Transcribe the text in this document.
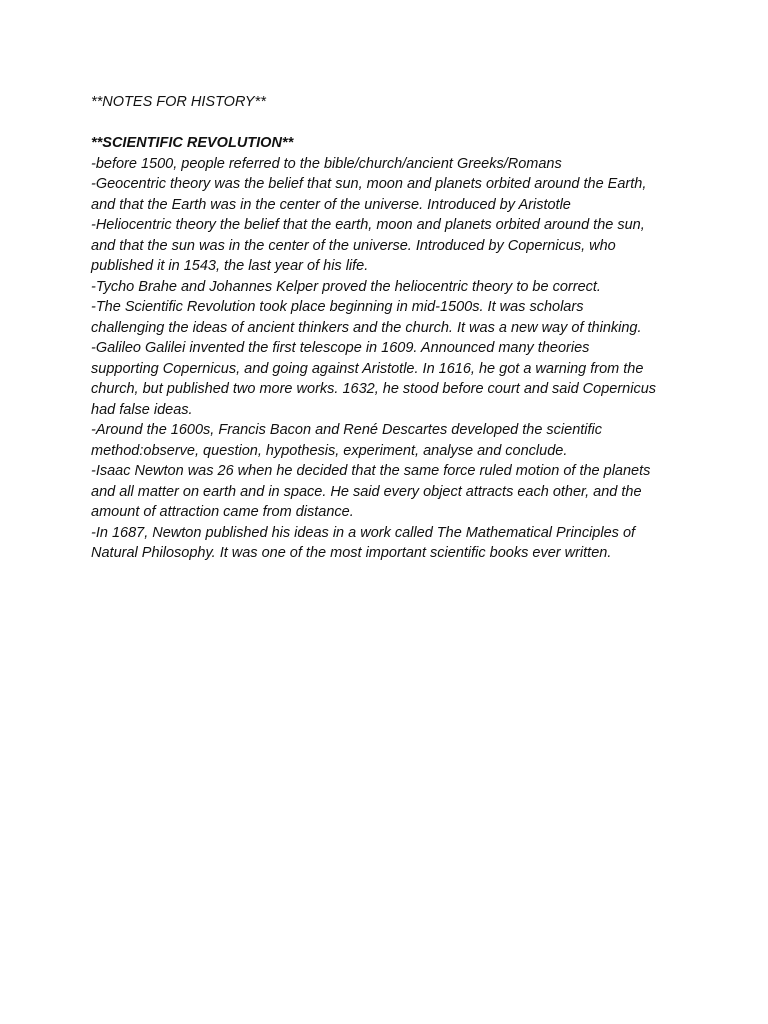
**NOTES FOR HISTORY**

**SCIENTIFIC REVOLUTION**

-before 1500, people referred to the bible/church/ancient Greeks/Romans

-Geocentric theory was the belief that sun, moon and planets orbited around the Earth,

and that the Earth was in the center of the universe. Introduced by Aristotle

-Heliocentric theory the belief that the earth, moon and planets orbited around the sun,

and that the sun was in the center of the universe. Introduced by Copernicus, who

published it in 1543, the last year of his life.

-Tycho Brahe and Johannes Kelper proved the heliocentric theory to be correct.

-The Scientific Revolution took place beginning in mid-1500s. It was scholars

challenging the ideas of ancient thinkers and the church. It was a new way of thinking.

-Galileo Galilei invented the first telescope in 1609. Announced many theories

supporting Copernicus, and going against Aristotle. In 1616, he got a warning from the

church, but published two more works. 1632, he stood before court and said Copernicus

had false ideas.

-Around the 1600s, Francis Bacon and René Descartes developed the scientific

method:observe, question, hypothesis, experiment, analyse and conclude.

-Isaac Newton was 26 when he decided that the same force ruled motion of the planets

and all matter on earth and in space. He said every object attracts each other, and the

amount of attraction came from distance.

-In 1687, Newton published his ideas in a work called The Mathematical Principles of

Natural Philosophy. It was one of the most important scientific books ever written.
